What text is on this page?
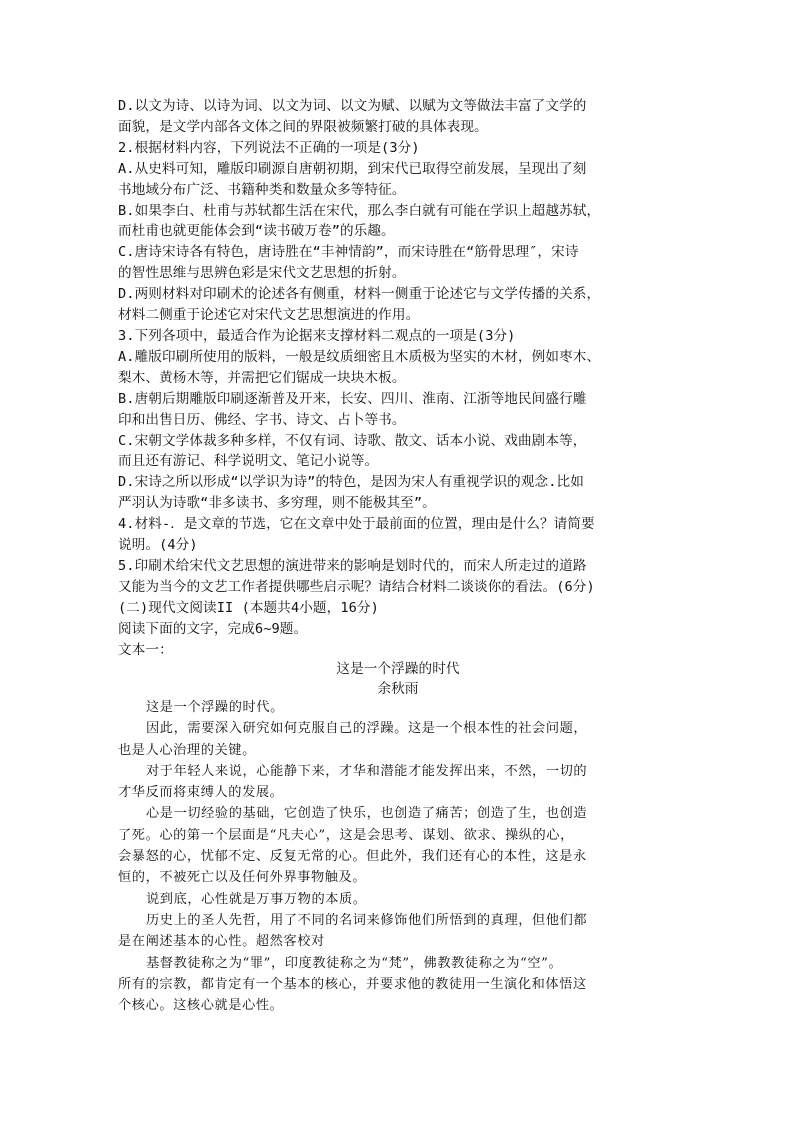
D.以文为诗、以诗为词、以文为词、以文为赋、以赋为文等做法丰富了文学的
面貌，是文学内部各文体之间的界限被频繁打破的具体表现。
2.根据材料内容，下列说法不正确的一项是(3分)
A.从史料可知，雕版印刷源自唐朝初期，到宋代已取得空前发展，呈现出了刻
书地域分布广泛、书籍种类和数量众多等特征。
B.如果李白、杜甫与苏轼都生活在宋代，那么李白就有可能在学识上超越苏轼，
而杜甫也就更能体会到“读书破万卷”的乐趣。
C.唐诗宋诗各有特色，唐诗胜在“丰神情韵”，而宋诗胜在“筋骨思理″，宋诗
的智性思维与思辨色彩是宋代文艺思想的折射。
D.两则材料对印刷术的论述各有侧重，材料一侧重于论述它与文学传播的关系，
材料二侧重于论述它对宋代文艺思想演进的作用。
3.下列各项中，最适合作为论据来支撑材料二观点的一项是(3分)
A.雕版印刷所使用的版料，一般是纹质细密且木质极为坚实的木材，例如枣木、
梨木、黄杨木等，并需把它们锯成一块块木板。
B.唐朝后期雕版印刷逐渐普及开来，长安、四川、淮南、江浙等地民间盛行雕
印和出售日历、佛经、字书、诗文、占卜等书。
C.宋朝文学体裁多种多样，不仅有词、诗歌、散文、话本小说、戏曲剧本等，
而且还有游记、科学说明文、笔记小说等。
D.宋诗之所以形成“以学识为诗”的特色，是因为宋人有重视学识的观念.比如
严羽认为诗歌“非多读书、多穷理，则不能极其至”。
4.材料-．是文章的节选，它在文章中处于最前面的位置，理由是什么？请简要
说明。(4分)
5.印刷术给宋代文艺思想的演进带来的影响是划时代的，而宋人所走过的道路
又能为当今的文艺工作者提供哪些启示呢？请结合材料二谈谈你的看法。(6分)
(二)现代文阅读II (本题共4小题，16分)
阅读下面的文字，完成6~9题。
文本一：
这是一个浮躁的时代
余秋雨
这是一个浮躁的时代。
因此，需要深入研究如何克服自己的浮躁。这是一个根本性的社会问题，
也是人心治理的关键。
对于年轻人来说，心能静下来，才华和潜能才能发挥出来，不然，一切的
才华反而将束缚人的发展。
心是一切经验的基础，它创造了快乐，也创造了痛苦；创造了生，也创造
了死。心的第一个层面是“凡夫心”，这是会思考、谋划、欲求、操纵的心，
会暴怒的心，忧郁不定、反复无常的心。但此外，我们还有心的本性，这是永
恒的，不被死亡以及任何外界事物触及。
说到底，心性就是万事万物的本质。
历史上的圣人先哲，用了不同的名词来修饰他们所悟到的真理，但他们都
是在阐述基本的心性。超然客校对
基督教徒称之为“罪”，印度教徒称之为“梵”，佛教教徒称之为“空”。
所有的宗教，都肯定有一个基本的核心，并要求他的教徒用一生演化和体悟这
个核心。这核心就是心性。
